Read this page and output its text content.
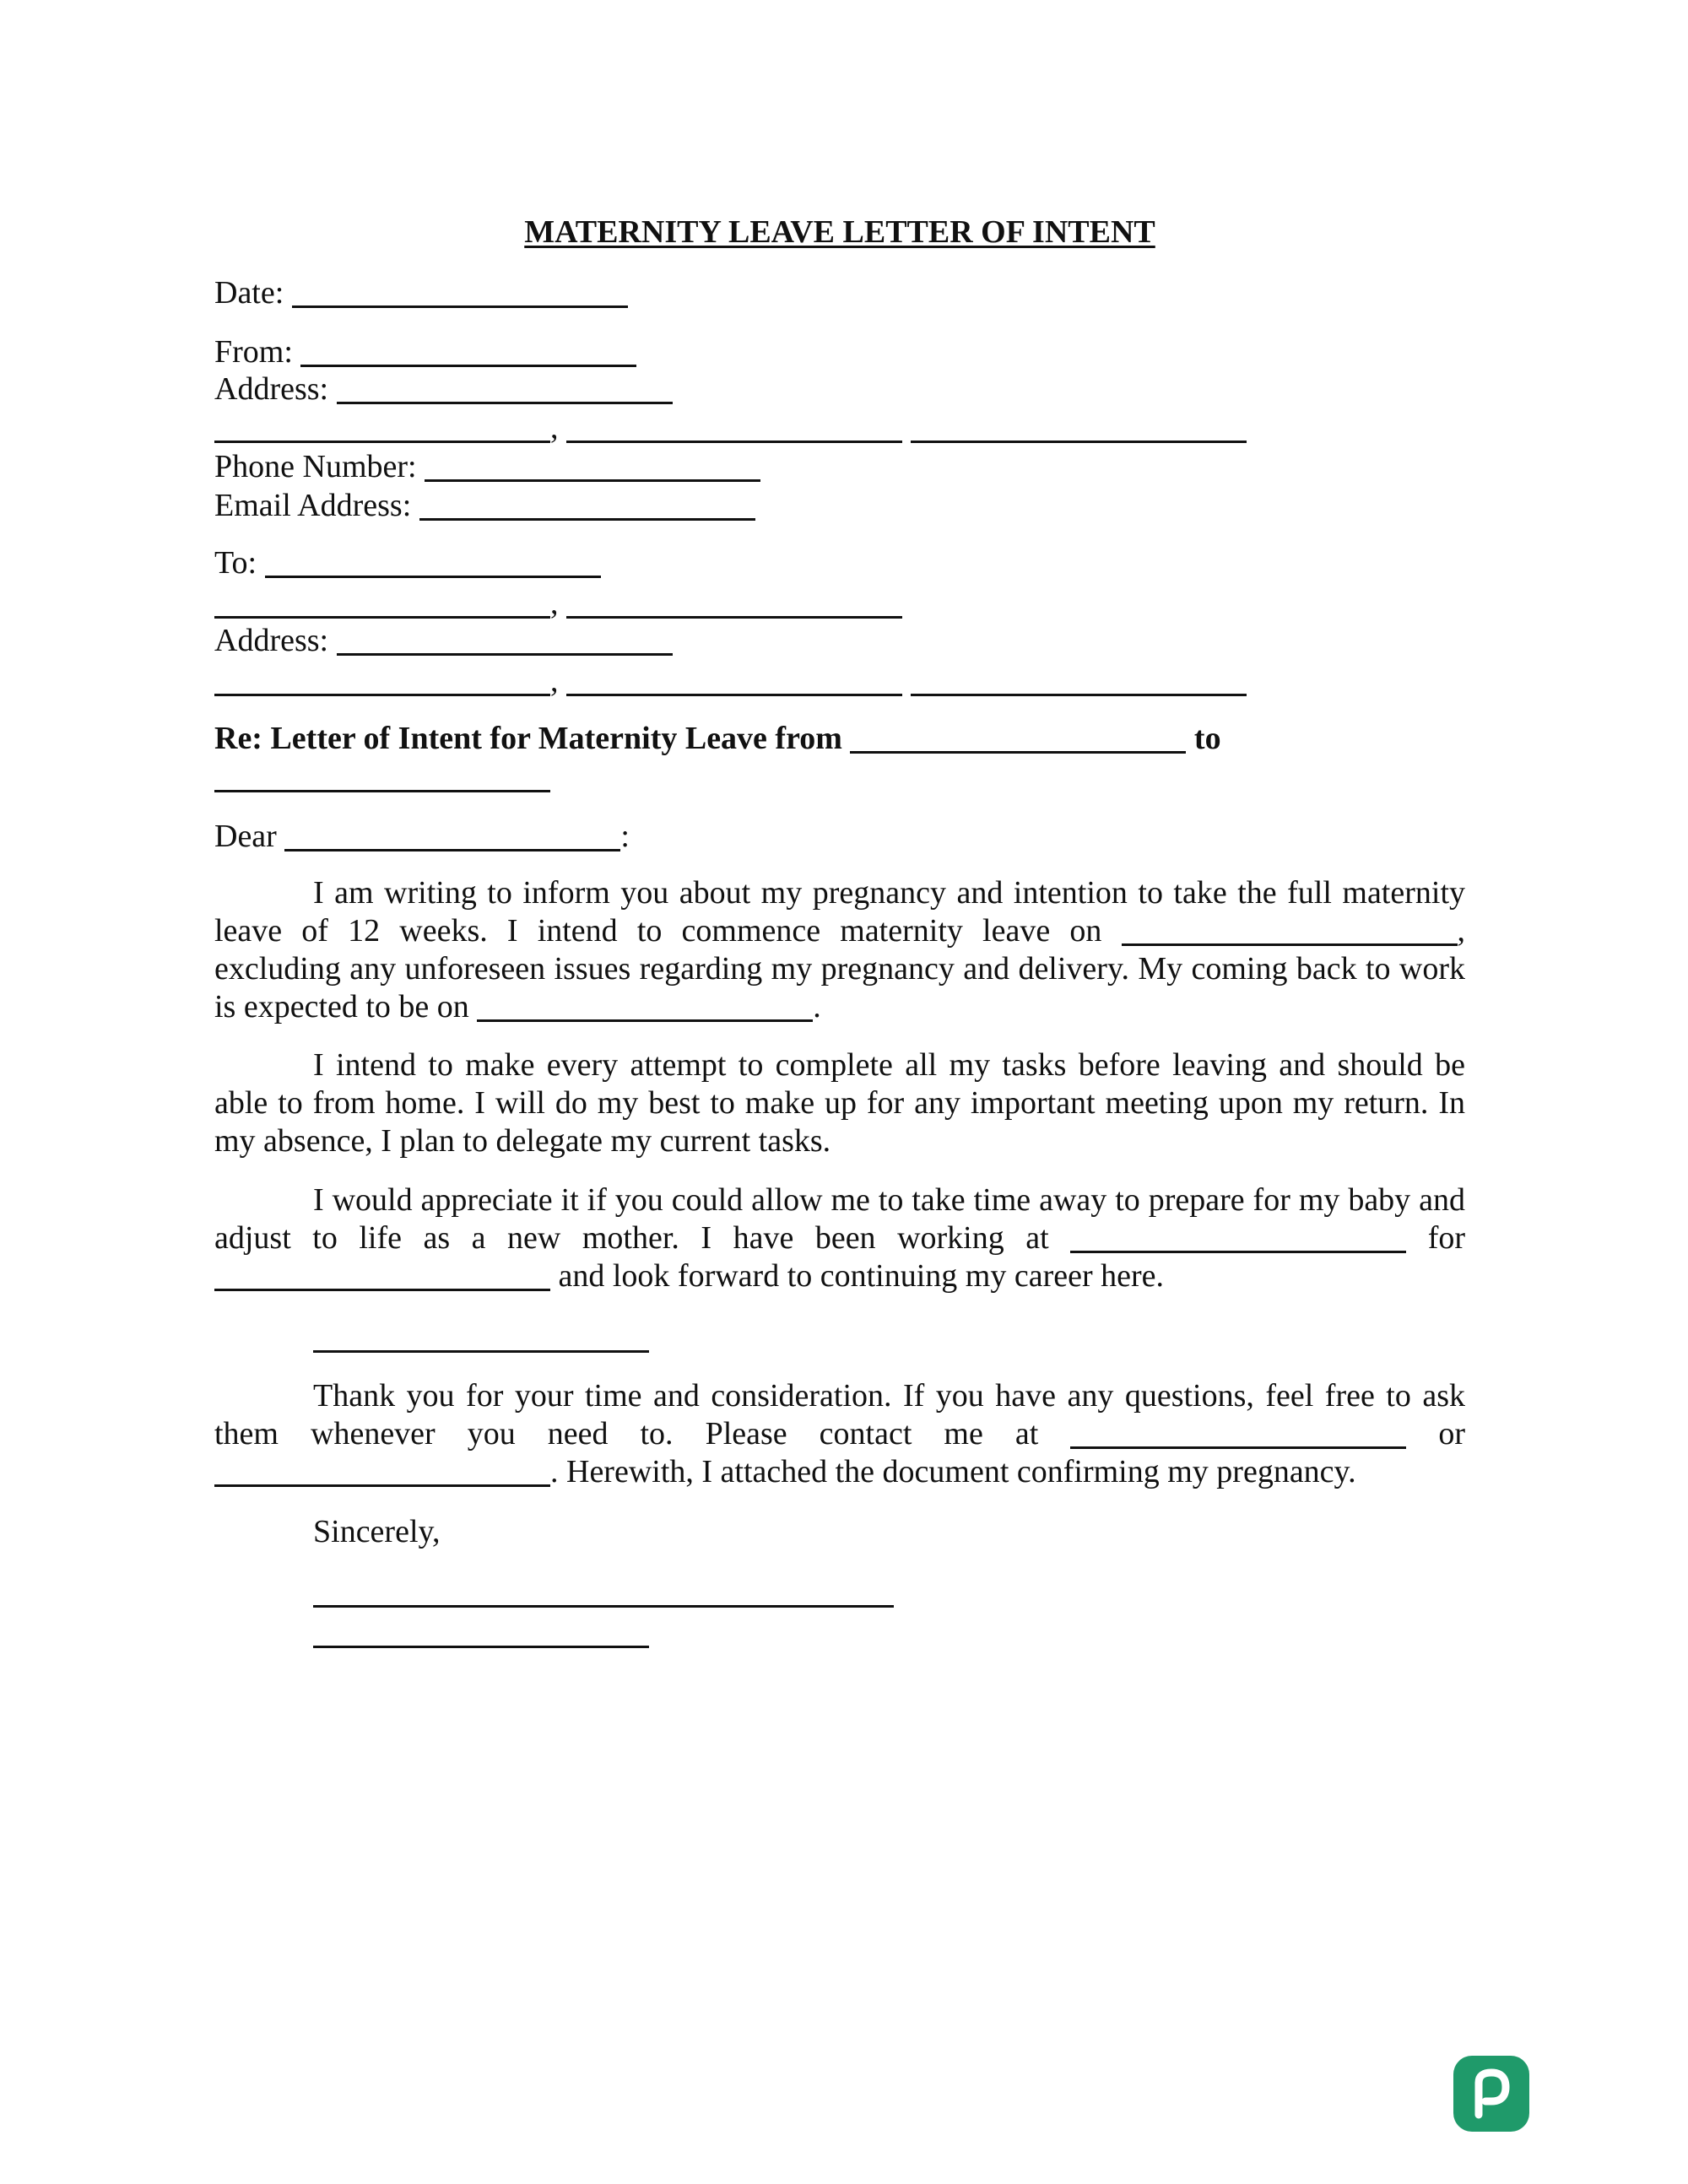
MATERNITY LEAVE LETTER OF INTENT
Date:
From:
Address:
,
Phone Number:
Email Address:
To:
,
Address:
,
Re: Letter of Intent for Maternity Leave from	to
Dear	:
I am writing to inform you about my pregnancy and intention to take the full maternity leave of 12 weeks. I intend to commence maternity leave on	, excluding any unforeseen issues regarding my pregnancy and delivery. My coming back to work is expected to be on	.
I intend to make every attempt to complete all my tasks before leaving and should be able to from home. I will do my best to make up for any important meeting upon my return. In my absence, I plan to delegate my current tasks.
I would appreciate it if you could allow me to take time away to prepare for my baby and adjust to life as a new mother. I have been working at	for  and look forward to continuing my career here.
Thank you for your time and consideration. If you have any questions, feel free to ask them whenever you need to. Please contact me at	or . Herewith, I attached the document confirming my pregnancy.
Sincerely,
